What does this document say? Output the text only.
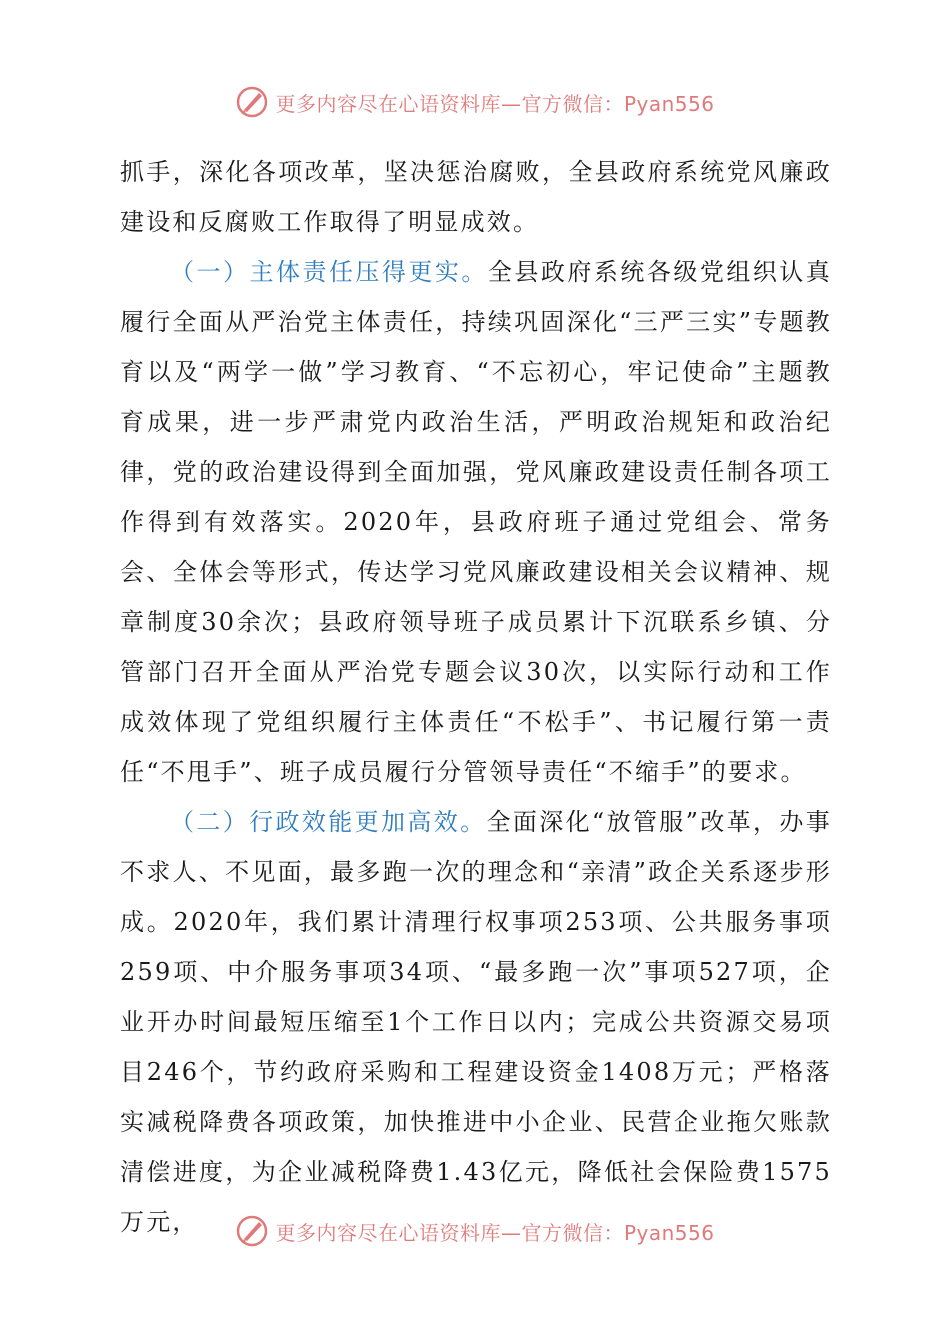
更多内容尽在心语资料库—官方微信：Pyan556

抓手，深化各项改革，坚决惩治腐败，全县政府系统党风廉政建设和反腐败工作取得了明显成效。

（一）主体责任压得更实。全县政府系统各级党组织认真履行全面从严治党主体责任，持续巩固深化“三严三实”专题教育以及“两学一做”学习教育、“不忘初心，牢记使命”主题教育成果，进一步严肃党内政治生活，严明政治规矩和政治纪律，党的政治建设得到全面加强，党风廉政建设责任制各项工作得到有效落实。2020年，县政府班子通过党组会、常务会、全体会等形式，传达学习党风廉政建设相关会议精神、规章制度30余次；县政府领导班子成员累计下沉联系乡镇、分管部门召开全面从严治党专题会议30次，以实际行动和工作成效体现了党组织履行主体责任“不松手”、书记履行第一责任“不甩手”、班子成员履行分管领导责任“不缩手”的要求。

（二）行政效能更加高效。全面深化“放管服”改革，办事不求人、不见面，最多跑一次的理念和“亲清”政企关系逐步形成。2020年，我们累计清理行权事项253项、公共服务事项259项、中介服务事项34项、“最多跑一次”事项527项，企业开办时间最短压缩至1个工作日以内；完成公共资源交易项目246个，节约政府采购和工程建设资金1408万元；严格落实减税降费各项政策，加快推进中小企业、民营企业拖欠账款清偿进度，为企业减税降费1.43亿元，降低社会保险费1575万元，	更多内容尽在心语资料库—官方微信：Pyan556
